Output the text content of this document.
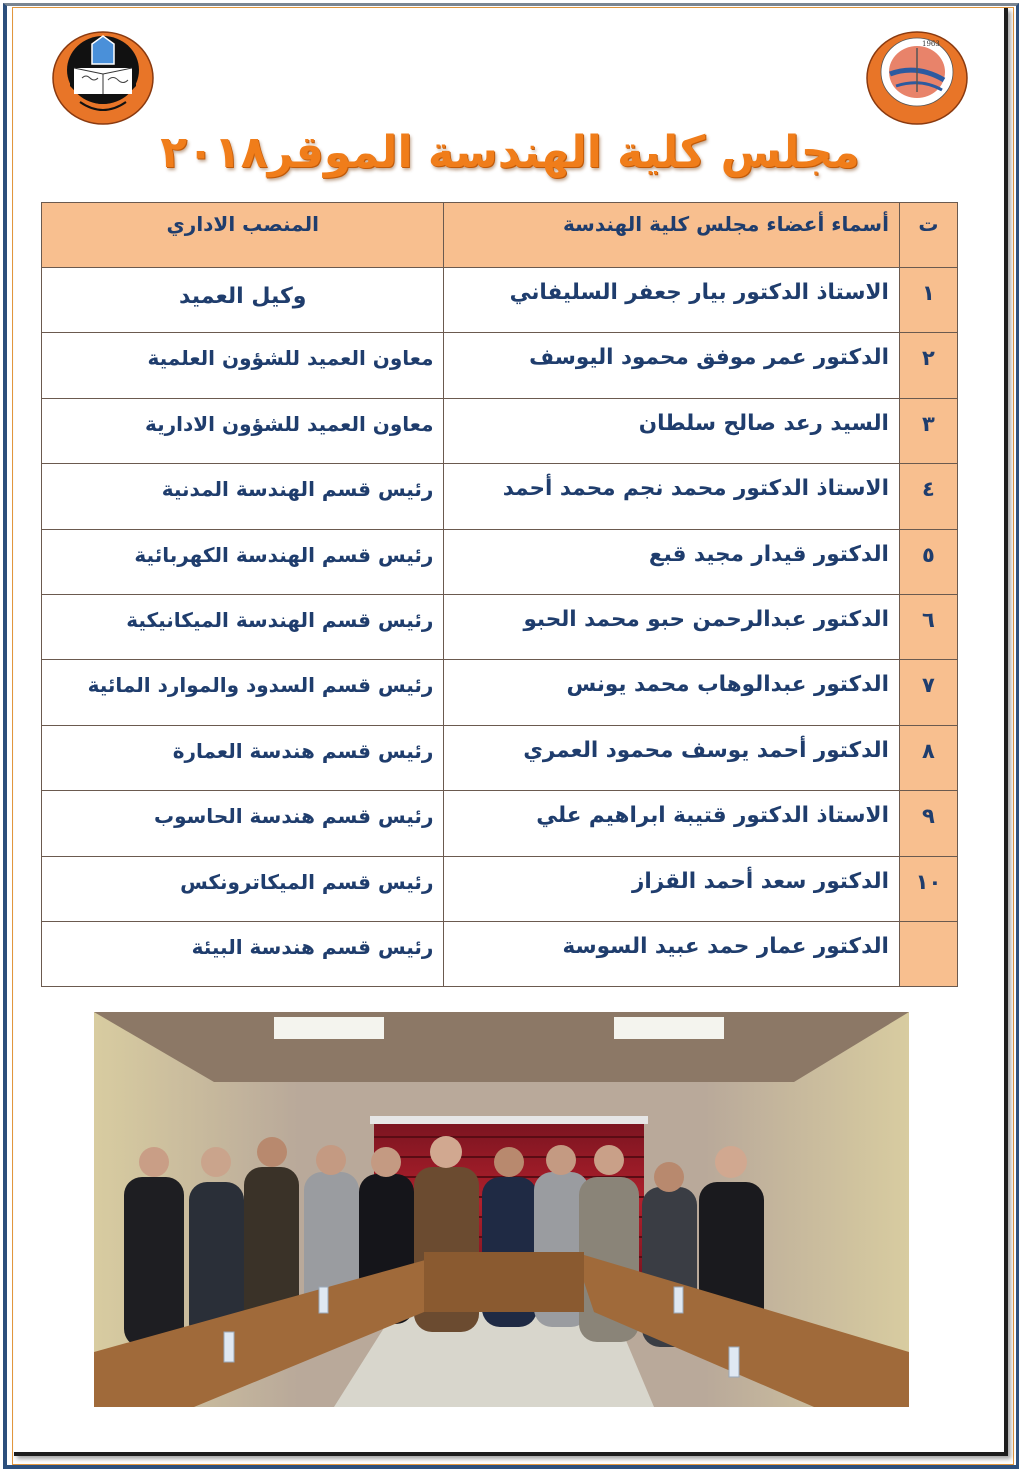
1963
مجلس كلية الهندسة الموقر٢٠١٨
ت	أسماء أعضاء مجلس كلية الهندسة	المنصب الاداري

١	الاستاذ الدكتور بيار جعفر السليفاني	وكيل العميد

٢	الدكتور عمر موفق محمود اليوسف	معاون العميد للشؤون العلمية

٣	السيد رعد صالح سلطان	معاون العميد للشؤون الادارية

٤	الاستاذ الدكتور محمد نجم محمد أحمد	رئيس قسم الهندسة المدنية

٥	الدكتور قيدار مجيد قبع	رئيس قسم الهندسة الكهربائية

٦	الدكتور عبدالرحمن حبو محمد الحبو	رئيس قسم الهندسة الميكانيكية

٧	الدكتور عبدالوهاب محمد يونس	رئيس قسم السدود والموارد المائية

٨	الدكتور أحمد يوسف محمود العمري	رئيس قسم هندسة العمارة

٩	الاستاذ الدكتور قتيبة ابراهيم علي	رئيس قسم هندسة الحاسوب

١٠	الدكتور سعد أحمد القزاز	رئيس قسم الميكاترونكس

	الدكتور عمار حمد عبيد السوسة	رئيس قسم هندسة البيئة
